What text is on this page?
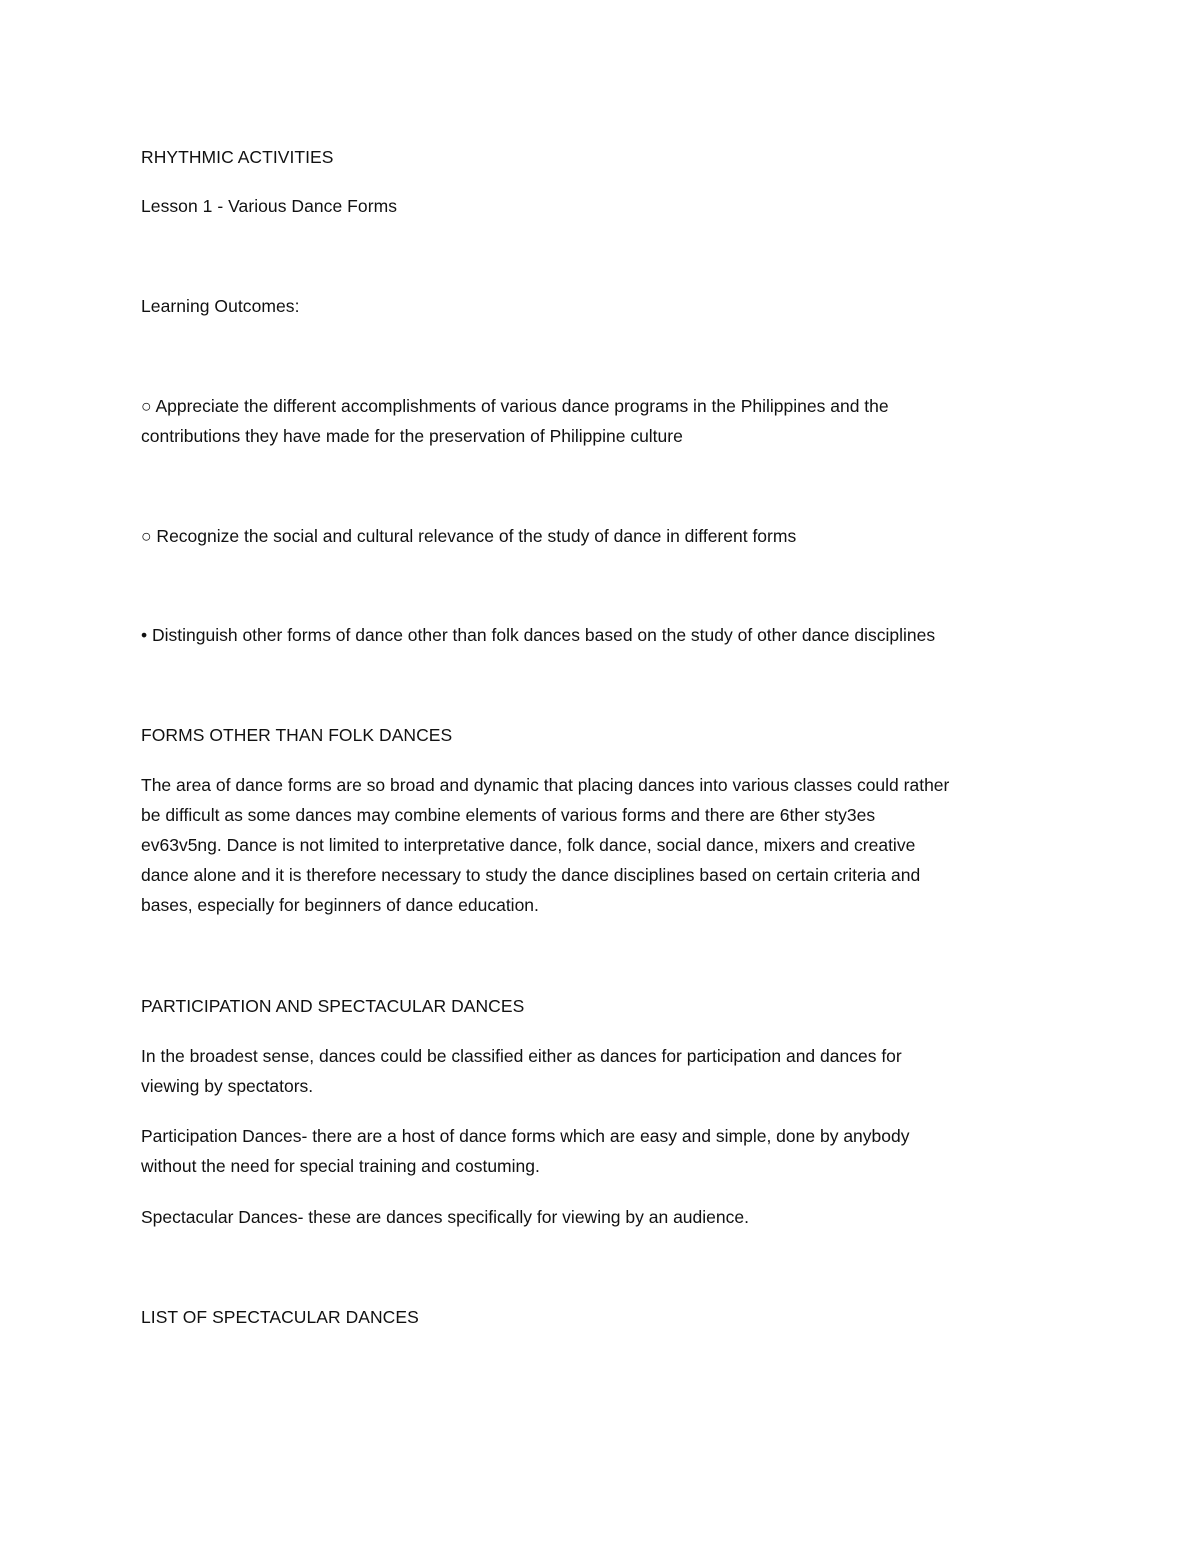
RHYTHMIC ACTIVITIES
Lesson 1 - Various Dance Forms
Learning Outcomes:
○ Appreciate the different accomplishments of various dance programs in the Philippines and the
contributions they have made for the preservation of Philippine culture
○ Recognize the social and cultural relevance of the study of dance in different forms
• Distinguish other forms of dance other than folk dances based on the study of other dance disciplines
FORMS OTHER THAN FOLK DANCES
The area of dance forms are so broad and dynamic that placing dances into various classes could rather
be difficult as some dances may combine elements of various forms and there are 6ther sty3es
ev63v5ng. Dance is not limited to interpretative dance, folk dance, social dance, mixers and creative
dance alone and it is therefore necessary to study the dance disciplines based on certain criteria and
bases, especially for beginners of dance education.
PARTICIPATION AND SPECTACULAR DANCES
In the broadest sense, dances could be classified either as dances for participation and dances for
viewing by spectators.
Participation Dances- there are a host of dance forms which are easy and simple, done by anybody
without the need for special training and costuming.
Spectacular Dances- these are dances specifically for viewing by an audience.
LIST OF SPECTACULAR DANCES
